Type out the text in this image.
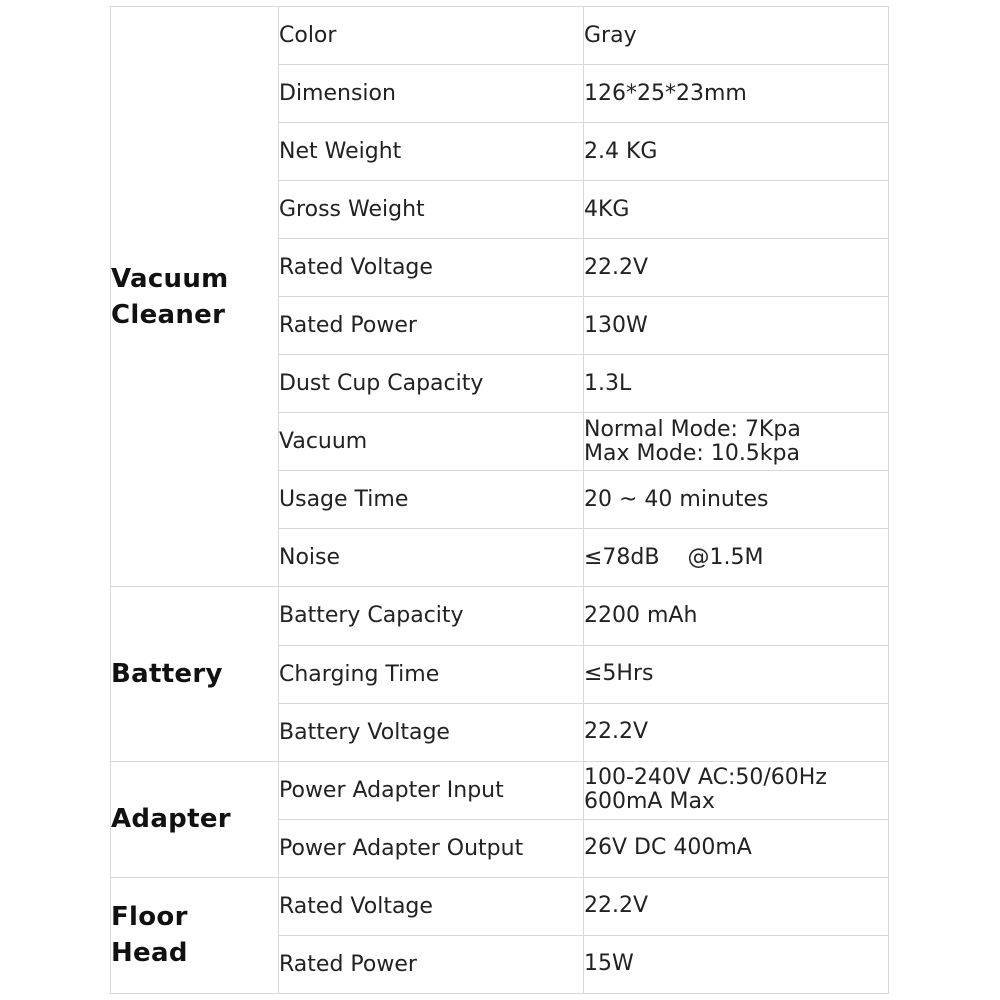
Vacuum
Cleaner	Color	Gray

	Dimension	126*25*23mm

	Net Weight	2.4 KG

	Gross Weight	4KG

	Rated Voltage	22.2V

	Rated Power	130W

	Dust Cup Capacity	1.3L

	Vacuum	Normal Mode: 7Kpa
Max Mode: 10.5kpa

	Usage Time	20 ~ 40 minutes

	Noise	≤78dB    @1.5M

Battery	Battery Capacity	2200 mAh

	Charging Time	≤5Hrs

	Battery Voltage	22.2V

Adapter	Power Adapter Input	100-240V AC:50/60Hz
600mA Max

	Power Adapter Output	26V DC 400mA

Floor
Head	Rated Voltage	22.2V

	Rated Power	15W
